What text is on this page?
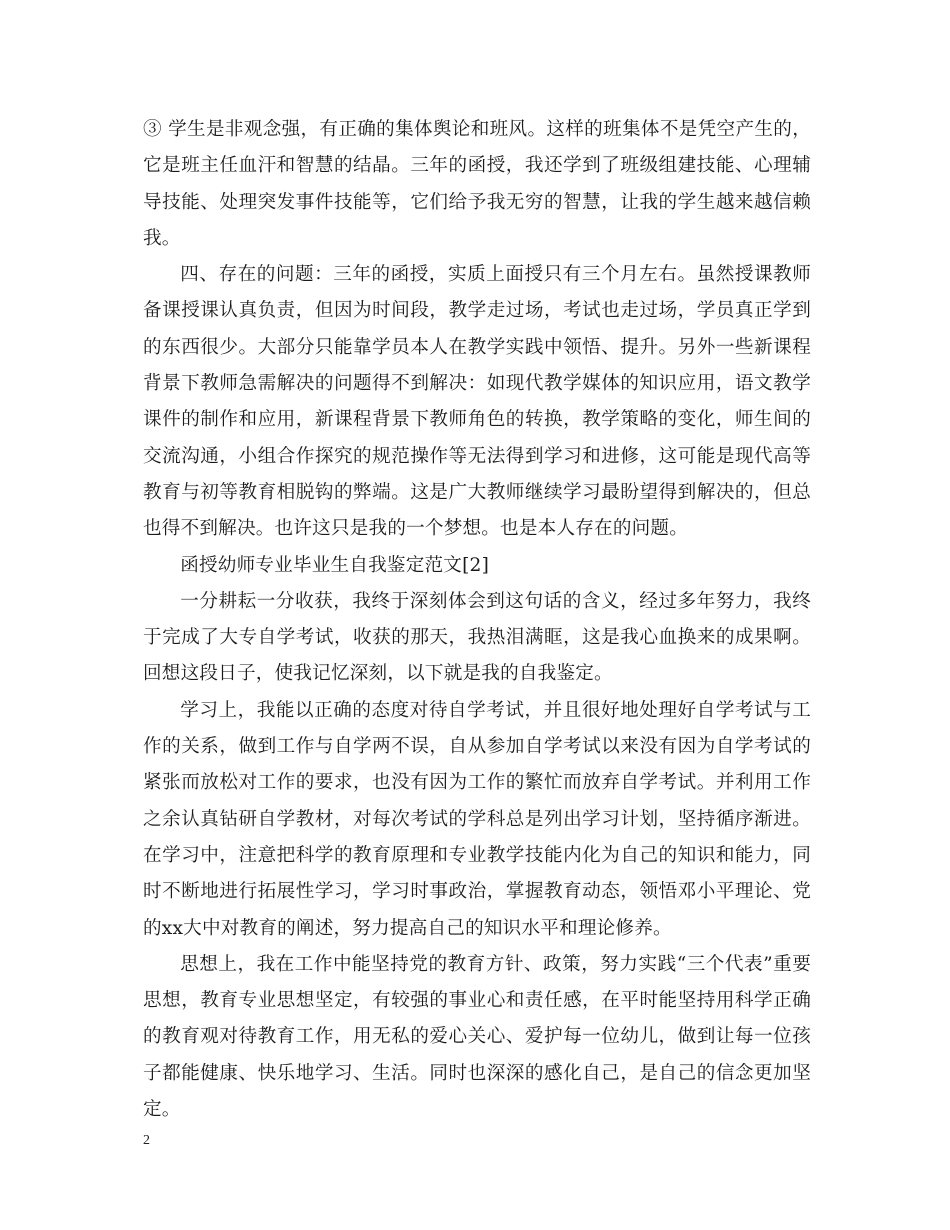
③ 学生是非观念强，有正确的集体舆论和班风。这样的班集体不是凭空产生的，它是班主任血汗和智慧的结晶。三年的函授，我还学到了班级组建技能、心理辅导技能、处理突发事件技能等，它们给予我无穷的智慧，让我的学生越来越信赖我。

四、存在的问题：三年的函授，实质上面授只有三个月左右。虽然授课教师备课授课认真负责，但因为时间段，教学走过场，考试也走过场，学员真正学到的东西很少。大部分只能靠学员本人在教学实践中领悟、提升。另外一些新课程背景下教师急需解决的问题得不到解决：如现代教学媒体的知识应用，语文教学课件的制作和应用，新课程背景下教师角色的转换，教学策略的变化，师生间的交流沟通，小组合作探究的规范操作等无法得到学习和进修，这可能是现代高等教育与初等教育相脱钩的弊端。这是广大教师继续学习最盼望得到解决的，但总也得不到解决。也许这只是我的一个梦想。也是本人存在的问题。

函授幼师专业毕业生自我鉴定范文[2]

一分耕耘一分收获，我终于深刻体会到这句话的含义，经过多年努力，我终于完成了大专自学考试，收获的那天，我热泪满眶，这是我心血换来的成果啊。回想这段日子，使我记忆深刻，以下就是我的自我鉴定。

学习上，我能以正确的态度对待自学考试，并且很好地处理好自学考试与工作的关系，做到工作与自学两不误，自从参加自学考试以来没有因为自学考试的紧张而放松对工作的要求，也没有因为工作的繁忙而放弃自学考试。并利用工作之余认真钻研自学教材，对每次考试的学科总是列出学习计划，坚持循序渐进。在学习中，注意把科学的教育原理和专业教学技能内化为自己的知识和能力，同时不断地进行拓展性学习，学习时事政治，掌握教育动态，领悟邓小平理论、党的xx大中对教育的阐述，努力提高自己的知识水平和理论修养。

思想上，我在工作中能坚持党的教育方针、政策，努力实践“三个代表”重要思想，教育专业思想坚定，有较强的事业心和责任感，在平时能坚持用科学正确的教育观对待教育工作，用无私的爱心关心、爱护每一位幼儿，做到让每一位孩子都能健康、快乐地学习、生活。同时也深深的感化自己，是自己的信念更加坚定。

2
